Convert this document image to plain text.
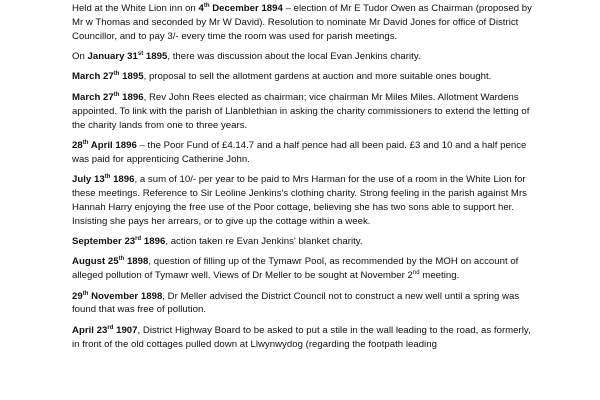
Held at the White Lion inn on 4th December 1894 – election of Mr E Tudor Owen as Chairman (proposed by Mr w Thomas and seconded by Mr W David). Resolution to nominate Mr David Jones for office of District Councillor, and to pay 3/- every time the room was used for parish meetings.

On January 31st 1895, there was discussion about the local Evan Jenkins charity.

March 27th 1895, proposal to sell the allotment gardens at auction and more suitable ones bought.

March 27th 1896, Rev John Rees elected as chairman; vice chairman Mr Miles Miles. Allotment Wardens appointed. To link with the parish of Llanblethian in asking the charity commissioners to extend the letting of the charity lands from one to three years.

28th April 1896 – the Poor Fund of £4.14.7 and a half pence had all been paid. £3 and 10 and a half pence was paid for apprenticing Catherine John.

July 13th 1896, a sum of 10/- per year to be paid to Mrs Harman for the use of a room in the White Lion for these meetings. Reference to Sir Leoline Jenkins's clothing charity. Strong feeling in the parish against Mrs Hannah Harry enjoying the free use of the Poor cottage, believing she has two sons able to support her. Insisting she pays her arrears, or to give up the cottage within a week.

September 23rd 1896, action taken re Evan Jenkins' blanket charity.

August 25th 1898, question of filling up of the Tymawr Pool, as recommended by the MOH on account of alleged pollution of Tymawr well. Views of Dr Meller to be sought at November 2nd meeting.

29th November 1898, Dr Meller advised the District Council not to construct a new well until a spring was found that was free of pollution.

April 23rd 1907, District Highway Board to be asked to put a stile in the wall leading to the road, as formerly, in front of the old cottages pulled down at Llwynwydog (regarding the footpath leading
